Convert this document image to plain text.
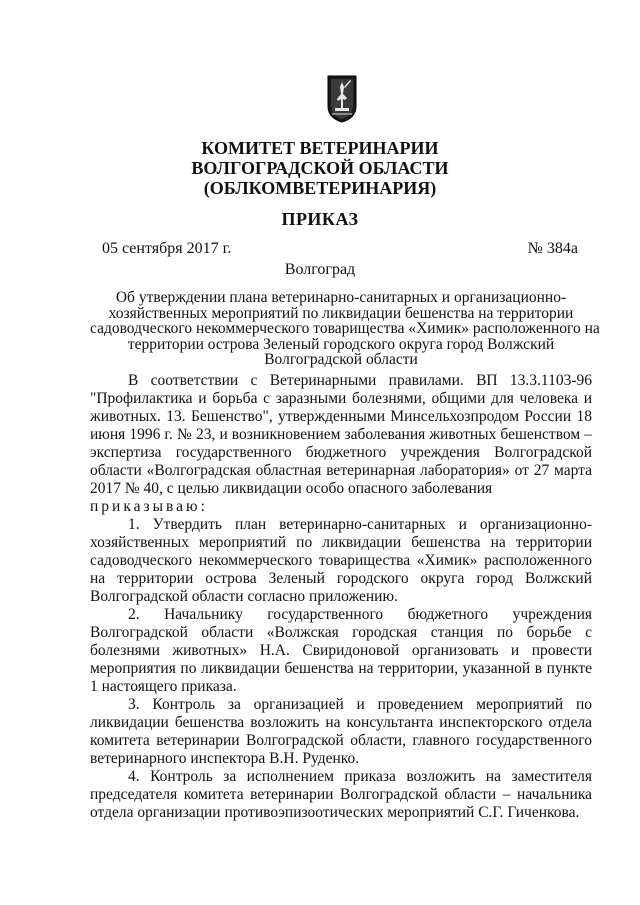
КОМИТЕТ ВЕТЕРИНАРИИ
ВОЛГОГРАДСКОЙ ОБЛАСТИ
(ОБЛКОМВЕТЕРИНАРИЯ)
ПРИКАЗ
05 сентября 2017 г.	№ 384а
Волгоград
Об утверждении плана ветеринарно-санитарных и организационно-
хозяйственных мероприятий по ликвидации бешенства на территории
садоводческого некоммерческого товарищества «Химик» расположенного на
территории острова Зеленый городского округа город Волжский
Волгоградской области

В соответствии с Ветеринарными правилами. ВП 13.3.1103-96 "Профилактика и борьба с заразными болезнями, общими для человека и животных. 13. Бешенство", утвержденными Минсельхозпродом России 18 июня 1996 г. № 23, и возникновением заболевания животных бешенством – экспертиза государственного бюджетного учреждения Волгоградской области «Волгоградская областная ветеринарная лаборатория» от 27 марта 2017 № 40, с целью ликвидации особо опасного заболевания

приказываю:

1. Утвердить план ветеринарно-санитарных и организационно-хозяйственных мероприятий по ликвидации бешенства на территории садоводческого некоммерческого товарищества «Химик» расположенного на территории острова Зеленый городского округа город Волжский Волгоградской области согласно приложению.

2. Начальнику государственного бюджетного учреждения Волгоградской области «Волжская городская станция по борьбе с болезнями животных» Н.А. Свиридоновой организовать и провести мероприятия по ликвидации бешенства на территории, указанной в пункте 1 настоящего приказа.

3. Контроль за организацией и проведением мероприятий по ликвидации бешенства возложить на консультанта инспекторского отдела комитета ветеринарии Волгоградской области, главного государственного ветеринарного инспектора В.Н. Руденко.

4. Контроль за исполнением приказа возложить на заместителя председателя комитета ветеринарии Волгоградской области – начальника отдела организации противоэпизоотических мероприятий С.Г. Гиченкова.
